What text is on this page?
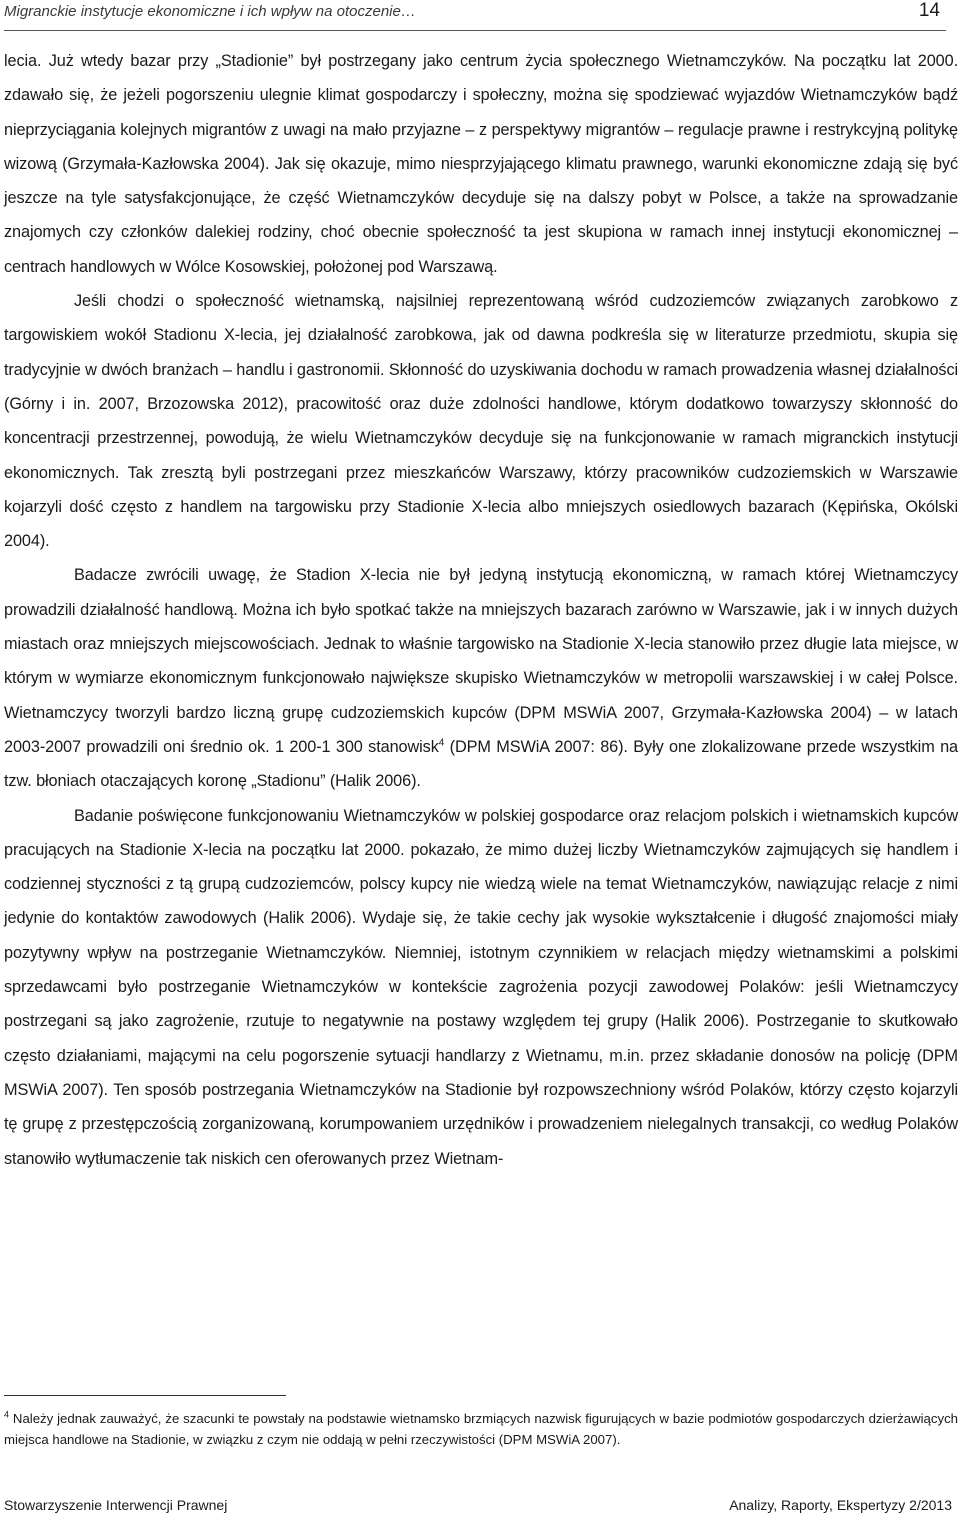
Migranckie instytucje ekonomiczne i ich wpływ na otoczenie…	14

lecia. Już wtedy bazar przy „Stadionie” był postrzegany jako centrum życia społecznego Wietnamczyków. Na początku lat 2000. zdawało się, że jeżeli pogorszeniu ulegnie klimat gospodarczy i społeczny, można się spodziewać wyjazdów Wietnamczyków bądź nieprzyciągania kolejnych migrantów z uwagi na mało przyjazne – z perspektywy migrantów – regulacje prawne i restrykcyjną politykę wizową (Grzymała-Kazłowska 2004). Jak się okazuje, mimo niesprzyjającego klimatu prawnego, warunki ekonomiczne zdają się być jeszcze na tyle satysfakcjonujące, że część Wietnamczyków decyduje się na dalszy pobyt w Polsce, a także na sprowadzanie znajomych czy członków dalekiej rodziny, choć obecnie społeczność ta jest skupiona w ramach innej instytucji ekonomicznej – centrach handlowych w Wólce Kosowskiej, położonej pod Warszawą.

Jeśli chodzi o społeczność wietnamską, najsilniej reprezentowaną wśród cudzoziemców związanych zarobkowo z targowiskiem wokół Stadionu X-lecia, jej działalność zarobkowa, jak od dawna podkreśla się w literaturze przedmiotu, skupia się tradycyjnie w dwóch branżach – handlu i gastronomii. Skłonność do uzyskiwania dochodu w ramach prowadzenia własnej działalności (Górny i in. 2007, Brzozowska 2012), pracowitość oraz duże zdolności handlowe, którym dodatkowo towarzyszy skłonność do koncentracji przestrzennej, powodują, że wielu Wietnamczyków decyduje się na funkcjonowanie w ramach migranckich instytucji ekonomicznych. Tak zresztą byli postrzegani przez mieszkańców Warszawy, którzy pracowników cudzoziemskich w Warszawie kojarzyli dość często z handlem na targowisku przy Stadionie X-lecia albo mniejszych osiedlowych bazarach (Kępińska, Okólski 2004).

Badacze zwrócili uwagę, że Stadion X-lecia nie był jedyną instytucją ekonomiczną, w ramach której Wietnamczycy prowadzili działalność handlową. Można ich było spotkać także na mniejszych bazarach zarówno w Warszawie, jak i w innych dużych miastach oraz mniejszych miejscowościach. Jednak to właśnie targowisko na Stadionie X-lecia stanowiło przez długie lata miejsce, w którym w wymiarze ekonomicznym funkcjonowało największe skupisko Wietnamczyków w metropolii warszawskiej i w całej Polsce. Wietnamczycy tworzyli bardzo liczną grupę cudzoziemskich kupców (DPM MSWiA 2007, Grzymała-Kazłowska 2004) – w latach 2003-2007 prowadzili oni średnio ok. 1 200-1 300 stanowisk$^4$ (DPM MSWiA 2007: 86). Były one zlokalizowane przede wszystkim na tzw. błoniach otaczających koronę „Stadionu” (Halik 2006).

Badanie poświęcone funkcjonowaniu Wietnamczyków w polskiej gospodarce oraz relacjom polskich i wietnamskich kupców pracujących na Stadionie X-lecia na początku lat 2000. pokazało, że mimo dużej liczby Wietnamczyków zajmujących się handlem i codziennej styczności z tą grupą cudzoziemców, polscy kupcy nie wiedzą wiele na temat Wietnamczyków, nawiązując relacje z nimi jedynie do kontaktów zawodowych (Halik 2006). Wydaje się, że takie cechy jak wysokie wykształcenie i długość znajomości miały pozytywny wpływ na postrzeganie Wietnamczyków. Niemniej, istotnym czynnikiem w relacjach między wietnamskimi a polskimi sprzedawcami było postrzeganie Wietnamczyków w kontekście zagrożenia pozycji zawodowej Polaków: jeśli Wietnamczycy postrzegani są jako zagrożenie, rzutuje to negatywnie na postawy względem tej grupy (Halik 2006). Postrzeganie to skutkowało często działaniami, mającymi na celu pogorszenie sytuacji handlarzy z Wietnamu, m.in. przez składanie donosów na policję (DPM MSWiA 2007). Ten sposób postrzegania Wietnamczyków na Stadionie był rozpowszechniony wśród Polaków, którzy często kojarzyli tę grupę z przestępczością zorganizowaną, korumpowaniem urzędników i prowadzeniem nielegalnych transakcji, co według Polaków stanowiło wytłumaczenie tak niskich cen oferowanych przez Wietnam-

$^4$ Należy jednak zauważyć, że szacunki te powstały na podstawie wietnamsko brzmiących nazwisk figurujących w bazie podmiotów gospodarczych dzierżawiących miejsca handlowe na Stadionie, w związku z czym nie oddają w pełni rzeczywistości (DPM MSWiA 2007).

Stowarzyszenie Interwencji Prawnej	Analizy, Raporty, Ekspertyzy 2/2013
